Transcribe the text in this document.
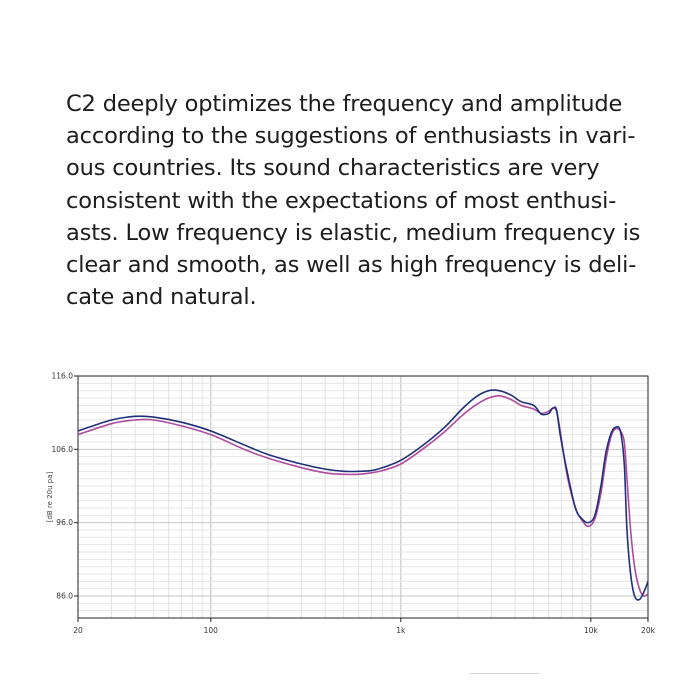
C2 deeply optimizes the frequency and amplitude
according to the suggestions of enthusiasts in vari-
ous countries. Its sound characteristics are very
consistent with the expectations of most enthusi-
asts. Low frequency is elastic, medium frequency is
clear and smooth, as well as high frequency is deli-
cate and natural.

116.0
106.0
96.0
86.0
20	100	1k	10k	20k
[dB re 20u pa]
